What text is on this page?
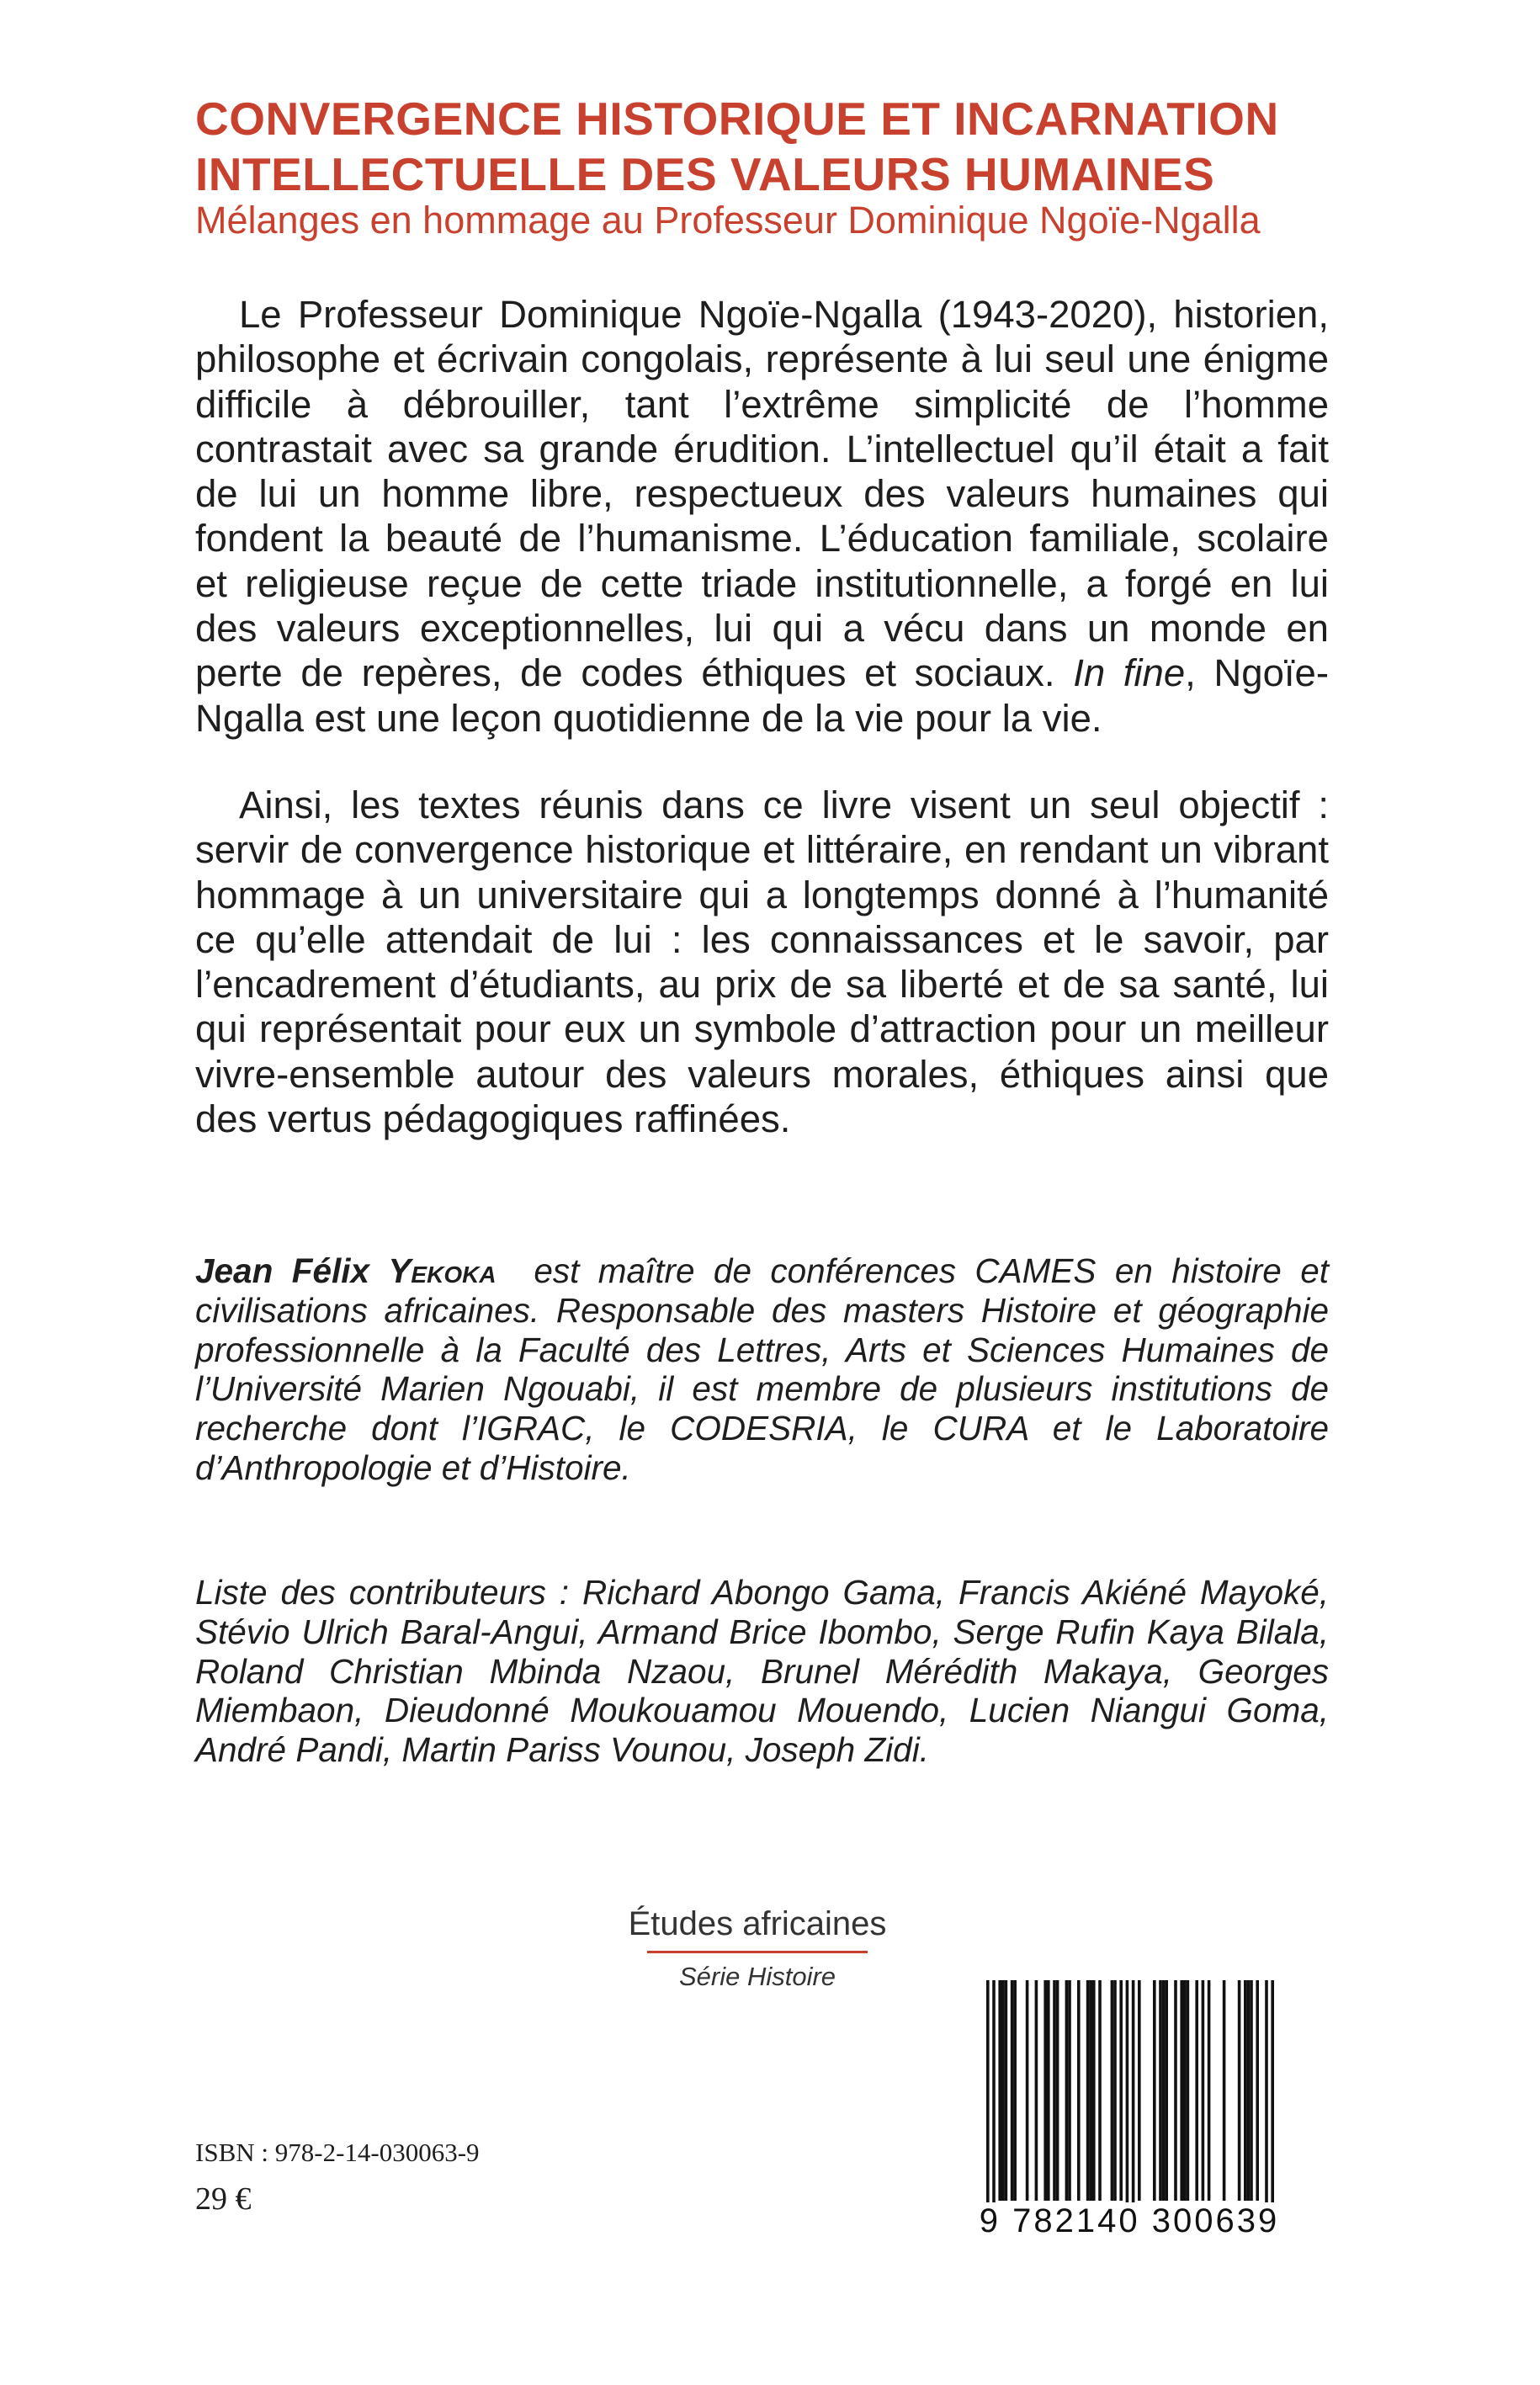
CONVERGENCE HISTORIQUE ET INCARNATION INTELLECTUELLE DES VALEURS HUMAINES
Mélanges en hommage au Professeur Dominique Ngoïe-Ngalla

Le Professeur Dominique Ngoïe-Ngalla (1943-2020), historien, philosophe et écrivain congolais, représente à lui seul une énigme difficile à débrouiller, tant l’extrême simplicité de l’homme contrastait avec sa grande érudition. L’intellectuel qu’il était a fait de lui un homme libre, respectueux des valeurs humaines qui fondent la beauté de l’humanisme. L’éducation familiale, scolaire et religieuse reçue de cette triade institutionnelle, a forgé en lui des valeurs exceptionnelles, lui qui a vécu dans un monde en perte de repères, de codes éthiques et sociaux. In fine, Ngoïe-Ngalla est une leçon quotidienne de la vie pour la vie.

Ainsi, les textes réunis dans ce livre visent un seul objectif : servir de convergence historique et littéraire, en rendant un vibrant hommage à un universitaire qui a longtemps donné à l’humanité ce qu’elle attendait de lui : les connaissances et le savoir, par l’encadrement d’étudiants, au prix de sa liberté et de sa santé, lui qui représentait pour eux un symbole d’attraction pour un meilleur vivre-ensemble autour des valeurs morales, éthiques ainsi que des vertus pédagogiques raffinées.

Jean Félix Yekoka est maître de conférences CAMES en histoire et civilisations africaines. Responsable des masters Histoire et géographie professionnelle à la Faculté des Lettres, Arts et Sciences Humaines de l’Université Marien Ngouabi, il est membre de plusieurs institutions de recherche dont l’IGRAC, le CODESRIA, le CURA et le Laboratoire d’Anthropologie et d’Histoire.

Liste des contributeurs : Richard Abongo Gama, Francis Akiéné Mayoké, Stévio Ulrich Baral-Angui, Armand Brice Ibombo, Serge Rufin Kaya Bilala, Roland Christian Mbinda Nzaou, Brunel Mérédith Makaya, Georges Miembaon, Dieudonné Moukouamou Mouendo, Lucien Niangui Goma, André Pandi, Martin Pariss Vounou, Joseph Zidi.

Études africaines
Série Histoire
ISBN : 978-2-14-030063-9
29 €
9 782140 300639
